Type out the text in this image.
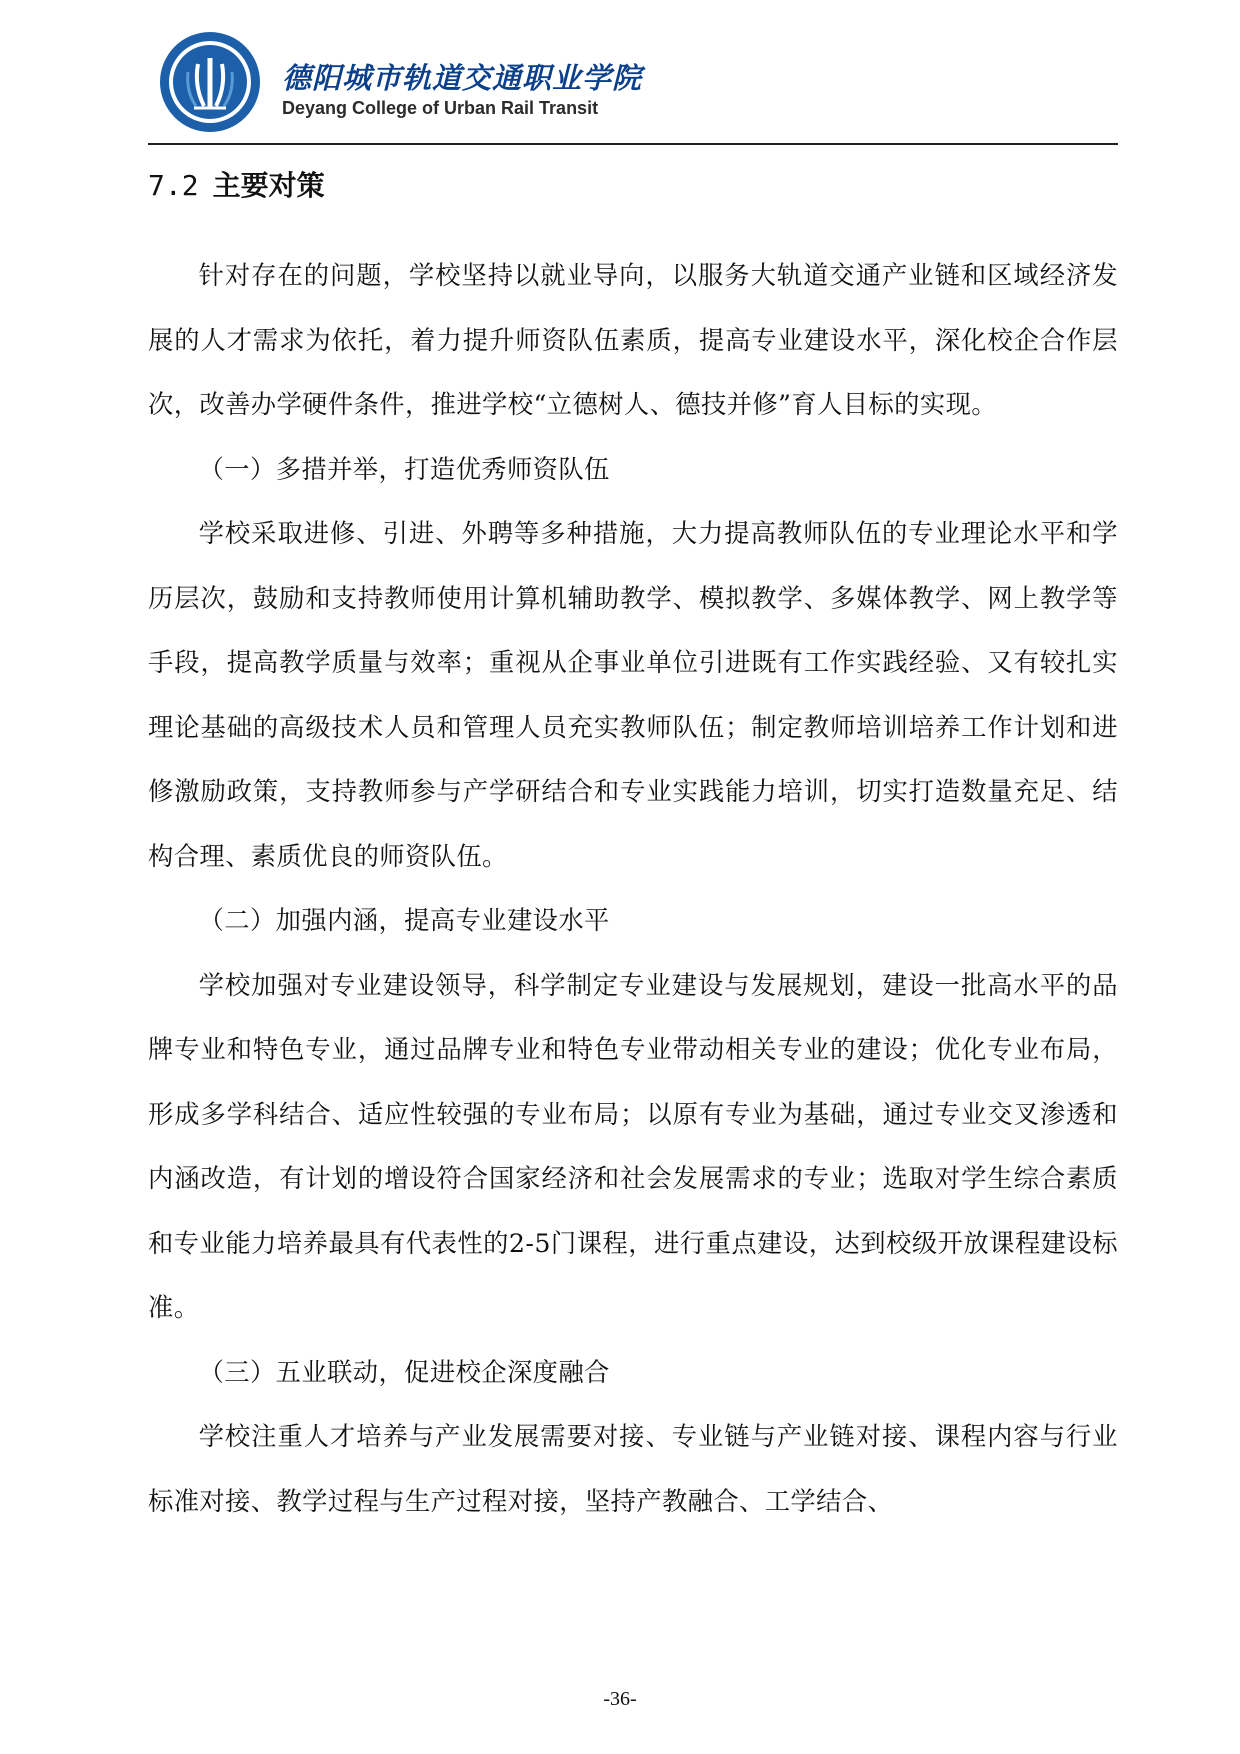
德阳城市轨道交通职业学院
Deyang College of Urban Rail Transit
7.2 主要对策

针对存在的问题，学校坚持以就业导向，以服务大轨道交通产业链和区域经济发展的人才需求为依托，着力提升师资队伍素质，提高专业建设水平，深化校企合作层次，改善办学硬件条件，推进学校“立德树人、德技并修”育人目标的实现。

（一）多措并举，打造优秀师资队伍

学校采取进修、引进、外聘等多种措施，大力提高教师队伍的专业理论水平和学历层次，鼓励和支持教师使用计算机辅助教学、模拟教学、多媒体教学、网上教学等手段，提高教学质量与效率；重视从企事业单位引进既有工作实践经验、又有较扎实理论基础的高级技术人员和管理人员充实教师队伍；制定教师培训培养工作计划和进修激励政策，支持教师参与产学研结合和专业实践能力培训，切实打造数量充足、结构合理、素质优良的师资队伍。

（二）加强内涵，提高专业建设水平

学校加强对专业建设领导，科学制定专业建设与发展规划，建设一批高水平的品牌专业和特色专业，通过品牌专业和特色专业带动相关专业的建设；优化专业布局，形成多学科结合、适应性较强的专业布局；以原有专业为基础，通过专业交叉渗透和内涵改造，有计划的增设符合国家经济和社会发展需求的专业；选取对学生综合素质和专业能力培养最具有代表性的2-5门课程，进行重点建设，达到校级开放课程建设标准。

（三）五业联动，促进校企深度融合

学校注重人才培养与产业发展需要对接、专业链与产业链对接、课程内容与行业标准对接、教学过程与生产过程对接，坚持产教融合、工学结合、

-36-
